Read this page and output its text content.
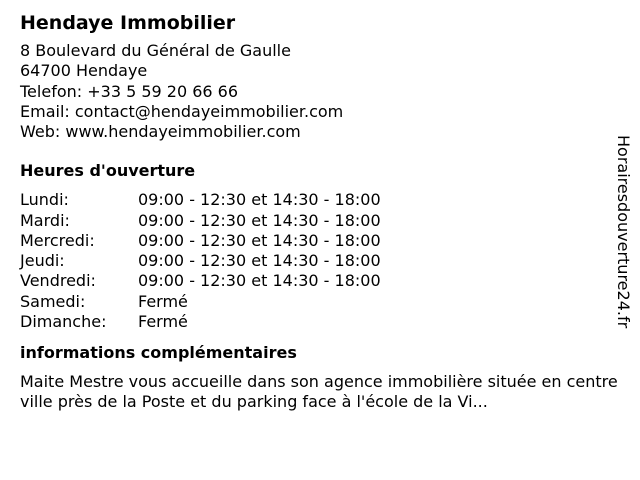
Hendaye Immobilier
8 Boulevard du Général de Gaulle
64700 Hendaye
Telefon: +33 5 59 20 66 66
Email: contact@hendayeimmobilier.com
Web: www.hendayeimmobilier.com
Heures d'ouverture
Lundi:	09:00 - 12:30 et 14:30 - 18:00
Mardi:	09:00 - 12:30 et 14:30 - 18:00
Mercredi:	09:00 - 12:30 et 14:30 - 18:00
Jeudi:	09:00 - 12:30 et 14:30 - 18:00
Vendredi:	09:00 - 12:30 et 14:30 - 18:00
Samedi:	Fermé
Dimanche:	Fermé
informations complémentaires
Maite Mestre vous accueille dans son agence immobilière située en centre ville près de la Poste et du parking face à l'école de la Vi...
Horairesdouverture24.fr
